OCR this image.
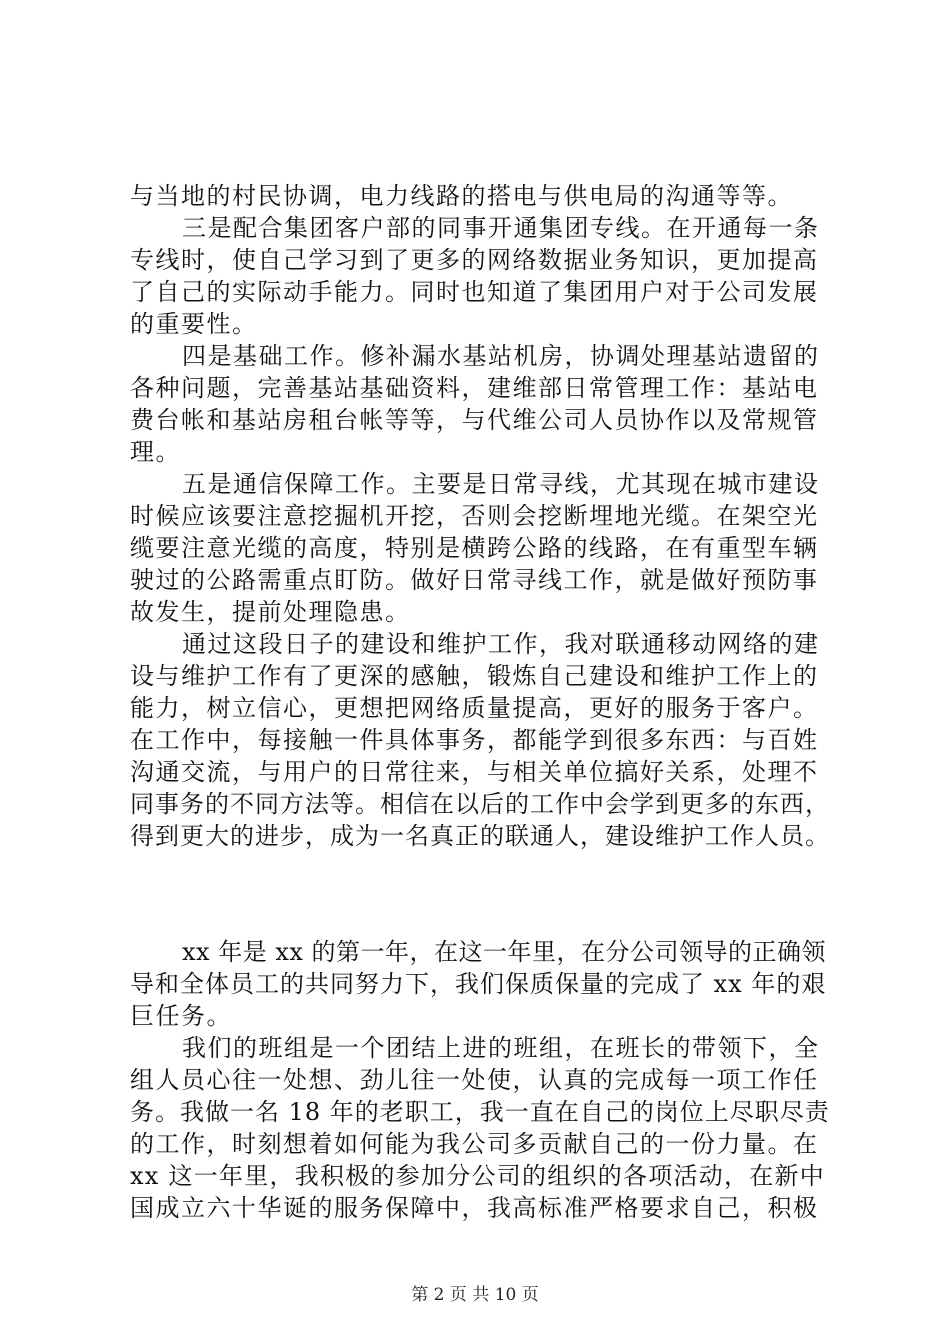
与当地的村民协调，电力线路的搭电与供电局的沟通等等。
三是配合集团客户部的同事开通集团专线。在开通每一条
专线时，使自己学习到了更多的网络数据业务知识，更加提高
了自己的实际动手能力。同时也知道了集团用户对于公司发展
的重要性。
四是基础工作。修补漏水基站机房，协调处理基站遗留的
各种问题，完善基站基础资料，建维部日常管理工作：基站电
费台帐和基站房租台帐等等，与代维公司人员协作以及常规管
理。
五是通信保障工作。主要是日常寻线，尤其现在城市建设
时候应该要注意挖掘机开挖，否则会挖断埋地光缆。在架空光
缆要注意光缆的高度，特别是横跨公路的线路，在有重型车辆
驶过的公路需重点盯防。做好日常寻线工作，就是做好预防事
故发生，提前处理隐患。
通过这段日子的建设和维护工作，我对联通移动网络的建
设与维护工作有了更深的感触，锻炼自己建设和维护工作上的
能力，树立信心，更想把网络质量提高，更好的服务于客户。
在工作中，每接触一件具体事务，都能学到很多东西：与百姓
沟通交流，与用户的日常往来，与相关单位搞好关系，处理不
同事务的不同方法等。相信在以后的工作中会学到更多的东西，
得到更大的进步，成为一名真正的联通人，建设维护工作人员。
xx 年是 xx 的第一年，在这一年里，在分公司领导的正确领
导和全体员工的共同努力下，我们保质保量的完成了 xx 年的艰
巨任务。
我们的班组是一个团结上进的班组，在班长的带领下，全
组人员心往一处想、劲儿往一处使，认真的完成每一项工作任
务。我做一名 18 年的老职工，我一直在自己的岗位上尽职尽责
的工作，时刻想着如何能为我公司多贡献自己的一份力量。在
xx 这一年里，我积极的参加分公司的组织的各项活动，在新中
国成立六十华诞的服务保障中，我高标准严格要求自己，积极
第 2 页 共 10 页
